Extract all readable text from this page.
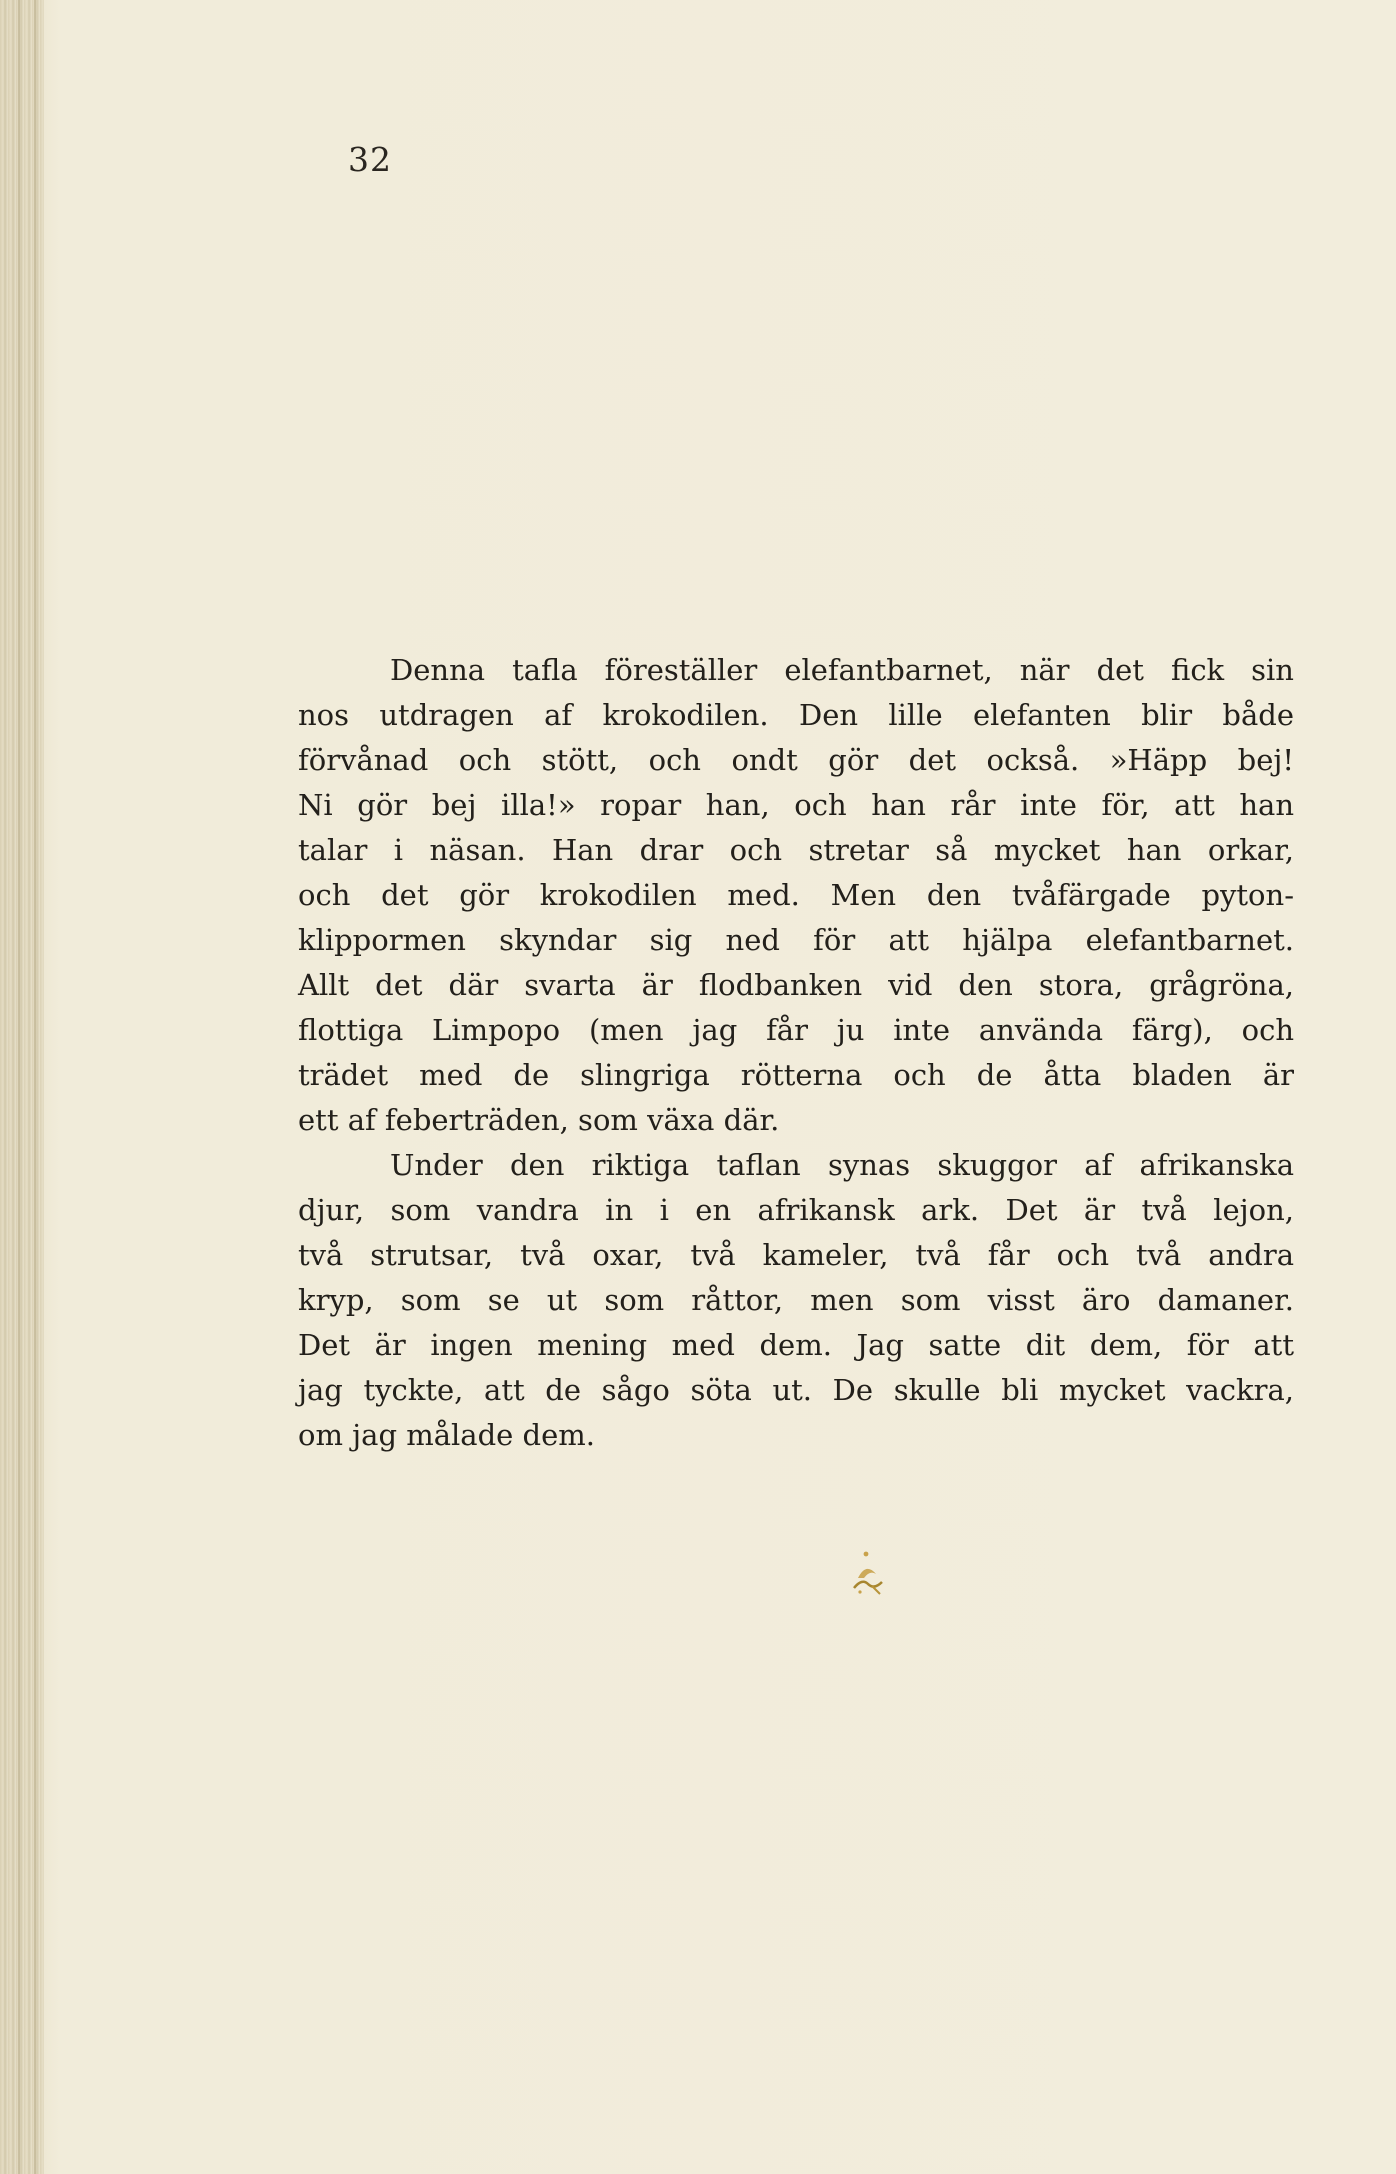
32
Denna tafla föreställer elefantbarnet, när det fick sin
nos utdragen af krokodilen. Den lille elefanten blir både
förvånad och stött, och ondt gör det också. »Häpp bej!
Ni gör bej illa!» ropar han, och han rår inte för, att han
talar i näsan. Han drar och stretar så mycket han orkar,
och det gör krokodilen med. Men den tvåfärgade pyton-
klippormen skyndar sig ned för att hjälpa elefantbarnet.
Allt det där svarta är flodbanken vid den stora, grågröna,
flottiga Limpopo (men jag får ju inte använda färg), och
trädet med de slingriga rötterna och de åtta bladen är
ett af feberträden, som växa där.
Under den riktiga taflan synas skuggor af afrikanska
djur, som vandra in i en afrikansk ark. Det är två lejon,
två strutsar, två oxar, två kameler, två får och två andra
kryp, som se ut som råttor, men som visst äro damaner.
Det är ingen mening med dem. Jag satte dit dem, för att
jag tyckte, att de sågo söta ut. De skulle bli mycket vackra,
om jag målade dem.
